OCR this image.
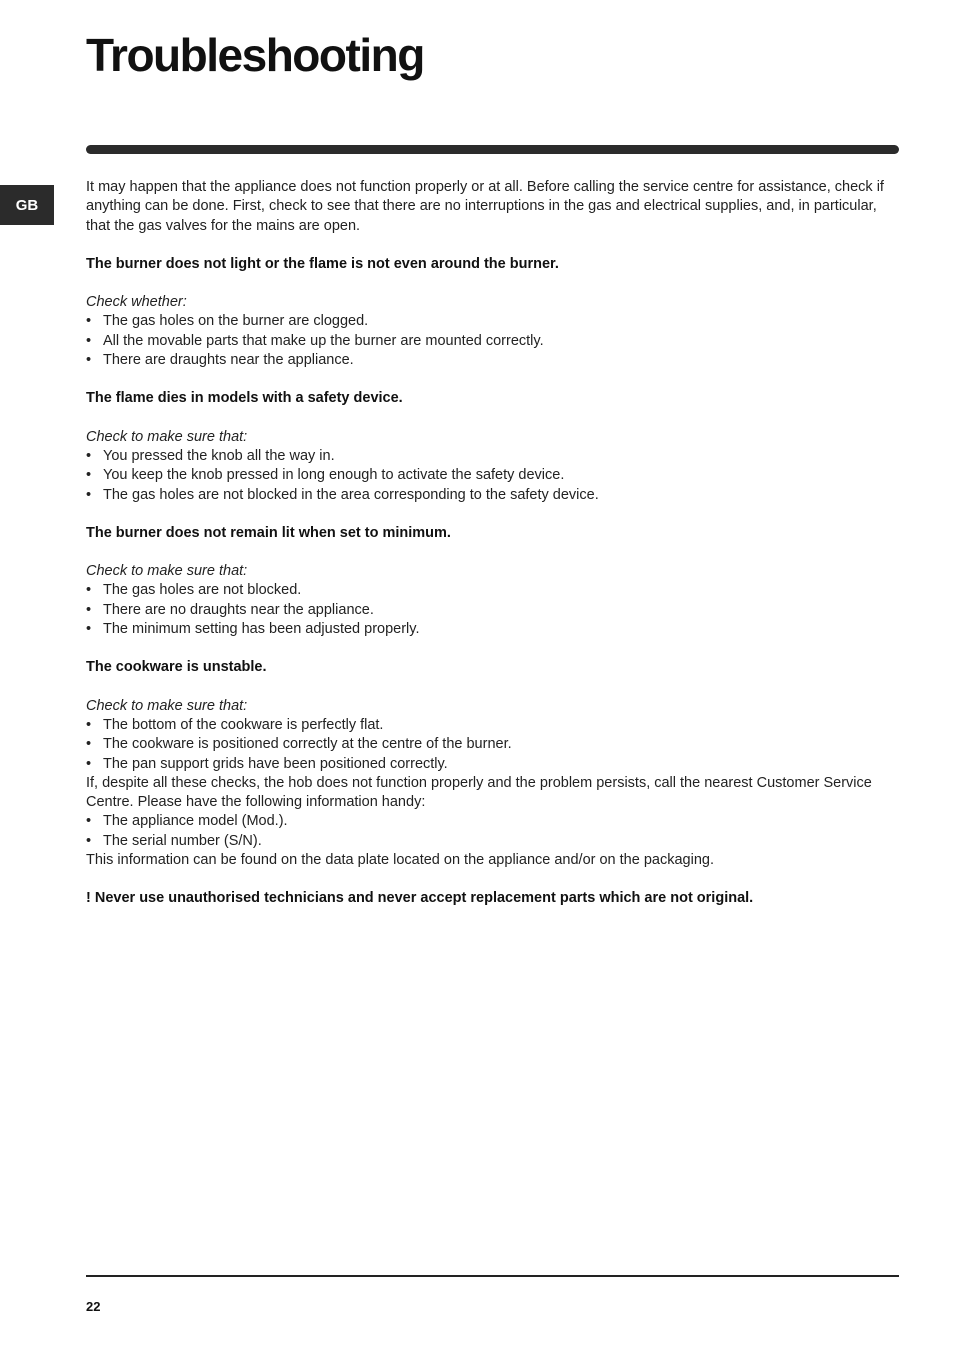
Troubleshooting
GB

It may happen that the appliance does not function properly or at all. Before calling the service centre for assistance, check if anything can be done. First, check to see that there are no interruptions in the gas and electrical supplies, and, in particular, that the gas valves for the mains are open.

The burner does not light or the flame is not even around the burner.

Check whether:

• The gas holes on the burner are clogged.
• All the movable parts that make up the burner are mounted correctly.
• There are draughts near the appliance.

The flame dies in models with a safety device.

Check to make sure that:

• You pressed the knob all the way in.
• You keep the knob pressed in long enough to activate the safety device.
• The gas holes are not blocked in the area corresponding to the safety device.

The burner does not remain lit when set to minimum.

Check to make sure that:

• The gas holes are not blocked.
• There are no draughts near the appliance.
• The minimum setting has been adjusted properly.

The cookware is unstable.

Check to make sure that:

• The bottom of the cookware is perfectly flat.
• The cookware is positioned correctly at the centre of the burner.
• The pan support grids have been positioned correctly.

If, despite all these checks, the hob does not function properly and the problem persists, call the nearest Customer Service Centre. Please have the following information handy:

• The appliance model (Mod.).
• The serial number (S/N).

This information can be found on the data plate located on the appliance and/or on the packaging.

! Never use unauthorised technicians and never accept replacement parts which are not original.

22
